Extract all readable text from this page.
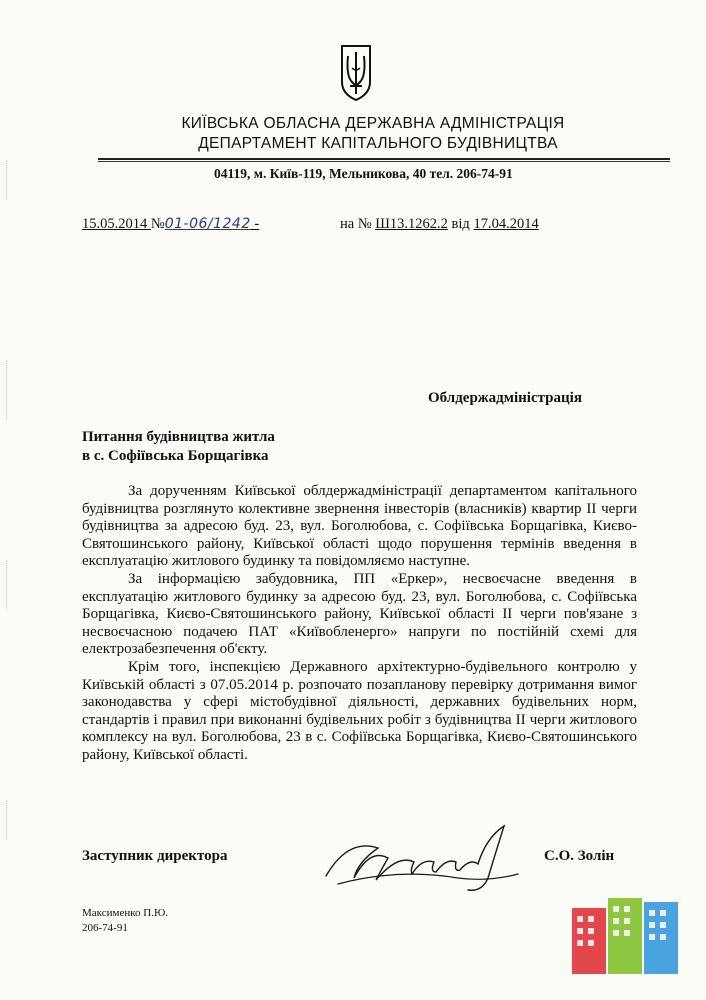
КИЇВСЬКА ОБЛАСНА ДЕРЖАВНА АДМІНІСТРАЦІЯ
ДЕПАРТАМЕНТ КАПІТАЛЬНОГО БУДІВНИЦТВА
04119, м. Київ-119, Мельникова, 40 тел. 206-74-91
15.05.2014 №01-06/1242 -	на № Ш13.1262.2 від 17.04.2014
Облдержадміністрація
Питання будівництва житла
в с. Софіївська Борщагівка

За дорученням Київської облдержадміністрації департаментом капітального будівництва розглянуто колективне звернення інвесторів (власників) квартир ІІ черги будівництва за адресою буд. 23, вул. Боголюбова, с. Софіївська Борщагівка, Києво-Святошинського району, Київської області щодо порушення термінів введення в експлуатацію житлового будинку та повідомляємо наступне.

За інформацією забудовника, ПП «Еркер», несвоєчасне введення в експлуатацію житлового будинку за адресою буд. 23, вул. Боголюбова, с. Софіївська Борщагівка, Києво-Святошинського району, Київської області ІІ черги пов'язане з несвоєчасною подачею ПАТ «Київобленерго» напруги по постійній схемі для електрозабезпечення об'єкту.

Крім того, інспекцією Державного архітектурно-будівельного контролю у Київській області з 07.05.2014 р. розпочато позапланову перевірку дотримання вимог законодавства у сфері містобудівної діяльності, державних будівельних норм, стандартів і правил при виконанні будівельних робіт з будівництва ІІ черги житлового комплексу на вул. Боголюбова, 23 в с. Софіївська Борщагівка, Києво-Святошинського району, Київської області.

Заступник директора	С.О. Золін
Максименко П.Ю.
206-74-91
